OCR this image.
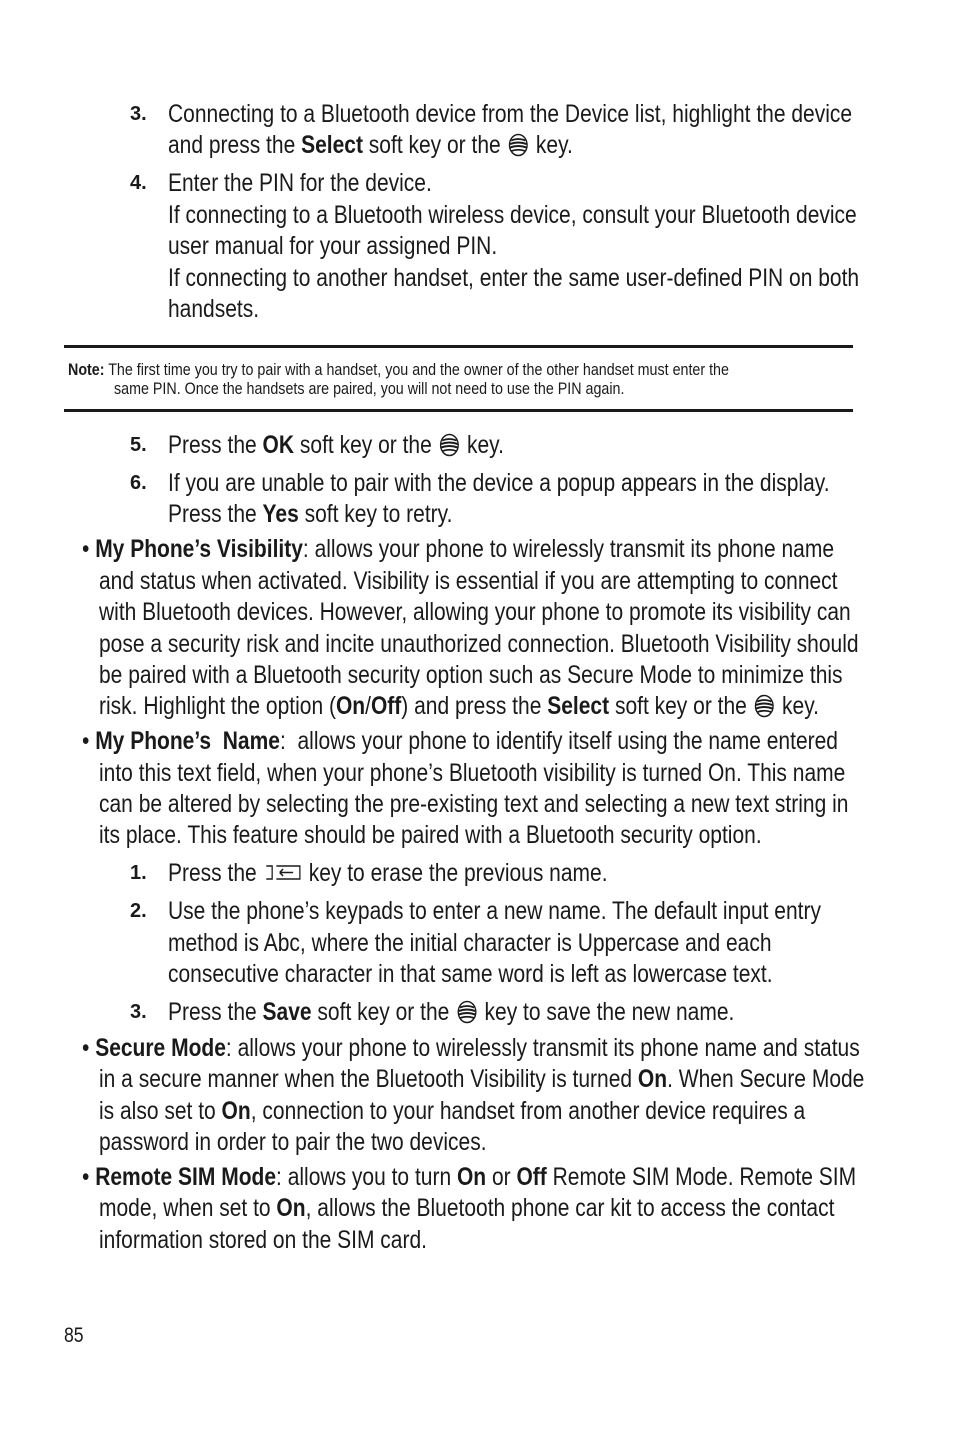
3. Connecting to a Bluetooth device from the Device list, highlight the device
and press the Select soft key or the  key.
4. Enter the PIN for the device.
If connecting to a Bluetooth wireless device, consult your Bluetooth device
user manual for your assigned PIN.
If connecting to another handset, enter the same user-defined PIN on both
handsets.
Note: The first time you try to pair with a handset, you and the owner of the other handset must enter the
same PIN. Once the handsets are paired, you will not need to use the PIN again.
5. Press the OK soft key or the  key.
6. If you are unable to pair with the device a popup appears in the display.
Press the Yes soft key to retry.
• My Phone’s Visibility: allows your phone to wirelessly transmit its phone name
and status when activated. Visibility is essential if you are attempting to connect
with Bluetooth devices. However, allowing your phone to promote its visibility can
pose a security risk and incite unauthorized connection. Bluetooth Visibility should
be paired with a Bluetooth security option such as Secure Mode to minimize this
risk. Highlight the option (On/Off) and press the Select soft key or the  key.
• My Phone’s  Name:  allows your phone to identify itself using the name entered
into this text field, when your phone’s Bluetooth visibility is turned On. This name
can be altered by selecting the pre-existing text and selecting a new text string in
its place. This feature should be paired with a Bluetooth security option.
1. Press the  key to erase the previous name.
2. Use the phone’s keypads to enter a new name. The default input entry
method is Abc, where the initial character is Uppercase and each
consecutive character in that same word is left as lowercase text.
3. Press the Save soft key or the  key to save the new name.
• Secure Mode: allows your phone to wirelessly transmit its phone name and status
in a secure manner when the Bluetooth Visibility is turned On. When Secure Mode
is also set to On, connection to your handset from another device requires a
password in order to pair the two devices.
• Remote SIM Mode: allows you to turn On or Off Remote SIM Mode. Remote SIM
mode, when set to On, allows the Bluetooth phone car kit to access the contact
information stored on the SIM card.
85
